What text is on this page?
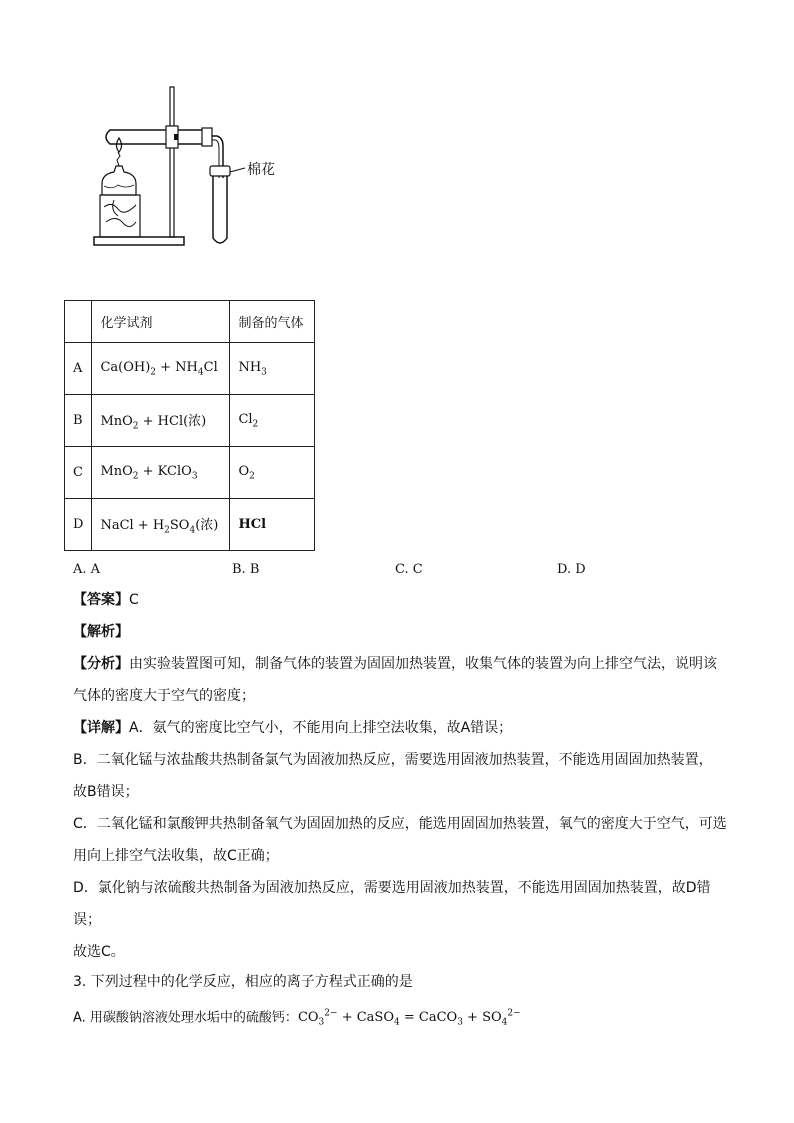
棉花
	化学试剂	制备的气体
A	$Ca(OH)_2 + NH_4Cl$	$NH_3$
B	MnO$_2$ + HCl(浓)	$Cl_2$
C	MnO$_2$ + KClO$_3$	$O_2$
D	NaCl + $H_2SO_4$(浓)	HCl
A. A	B. B	C. C	D. D
【答案】C
【解析】
【分析】由实验装置图可知，制备气体的装置为固固加热装置，收集气体的装置为向上排空气法，说明该
气体的密度大于空气的密度；
【详解】A．氨气的密度比空气小，不能用向上排空法收集，故A错误；
B．二氧化锰与浓盐酸共热制备氯气为固液加热反应，需要选用固液加热装置，不能选用固固加热装置，
故B错误；
C．二氧化锰和氯酸钾共热制备氧气为固固加热的反应，能选用固固加热装置，氧气的密度大于空气，可选
用向上排空气法收集，故C正确；
D．氯化钠与浓硫酸共热制备为固液加热反应，需要选用固液加热装置，不能选用固固加热装置，故D错
误；
故选C。
3. 下列过程中的化学反应，相应的离子方程式正确的是
A. 用碳酸钠溶液处理水垢中的硫酸钙：$CO_3^{2-}$ + CaSO$_4$ = CaCO$_3$ + $SO_4^{2-}$
